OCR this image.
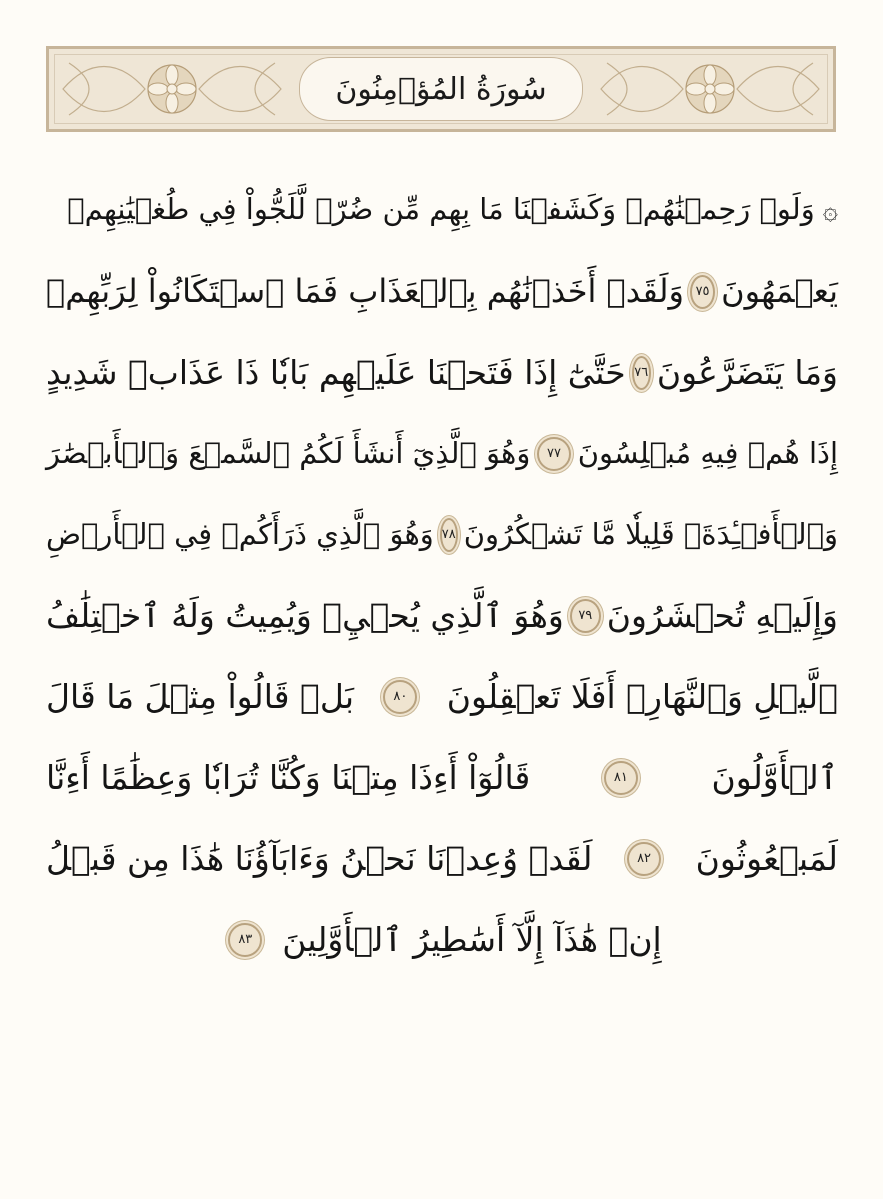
سُورَةُ المُؤۡمِنُونَ
۞وَلَوۡ رَحِمۡنَٰهُمۡ وَكَشَفۡنَا مَا بِهِم مِّن ضُرّٖ لَّلَجُّواْ فِي طُغۡيَٰنِهِمۡ
يَعۡمَهُونَ
٧٥
وَلَقَدۡ أَخَذۡنَٰهُم بِٱلۡعَذَابِ فَمَا ٱسۡتَكَانُواْ لِرَبِّهِمۡ
وَمَا يَتَضَرَّعُونَ
٧٦
حَتَّىٰٓ إِذَا فَتَحۡنَا عَلَيۡهِم بَابٗا ذَا عَذَابٖ شَدِيدٍ
إِذَا هُمۡ فِيهِ مُبۡلِسُونَ
٧٧
وَهُوَ ٱلَّذِيٓ أَنشَأَ لَكُمُ ٱلسَّمۡعَ وَٱلۡأَبۡصَٰرَ
وَٱلۡأَفۡـِٔدَةَۚ قَلِيلٗا مَّا تَشۡكُرُونَ
٧٨
وَهُوَ ٱلَّذِي ذَرَأَكُمۡ فِي ٱلۡأَرۡضِ
وَإِلَيۡهِ تُحۡشَرُونَ
٧٩
وَهُوَ ٱلَّذِي يُحۡيِۦ وَيُمِيتُ وَلَهُ ٱخۡتِلَٰفُ
ٱلَّيۡلِ وَٱلنَّهَارِۚ أَفَلَا تَعۡقِلُونَ
٨٠
بَلۡ قَالُواْ مِثۡلَ مَا قَالَ
ٱلۡأَوَّلُونَ
٨١
قَالُوٓاْ أَءِذَا مِتۡنَا وَكُنَّا تُرَابٗا وَعِظَٰمًا أَءِنَّا
لَمَبۡعُوثُونَ
٨٢
لَقَدۡ وُعِدۡنَا نَحۡنُ وَءَابَآؤُنَا هَٰذَا مِن قَبۡلُ
إِنۡ هَٰذَآ إِلَّآ أَسَٰطِيرُ ٱلۡأَوَّلِينَ
٨٣
